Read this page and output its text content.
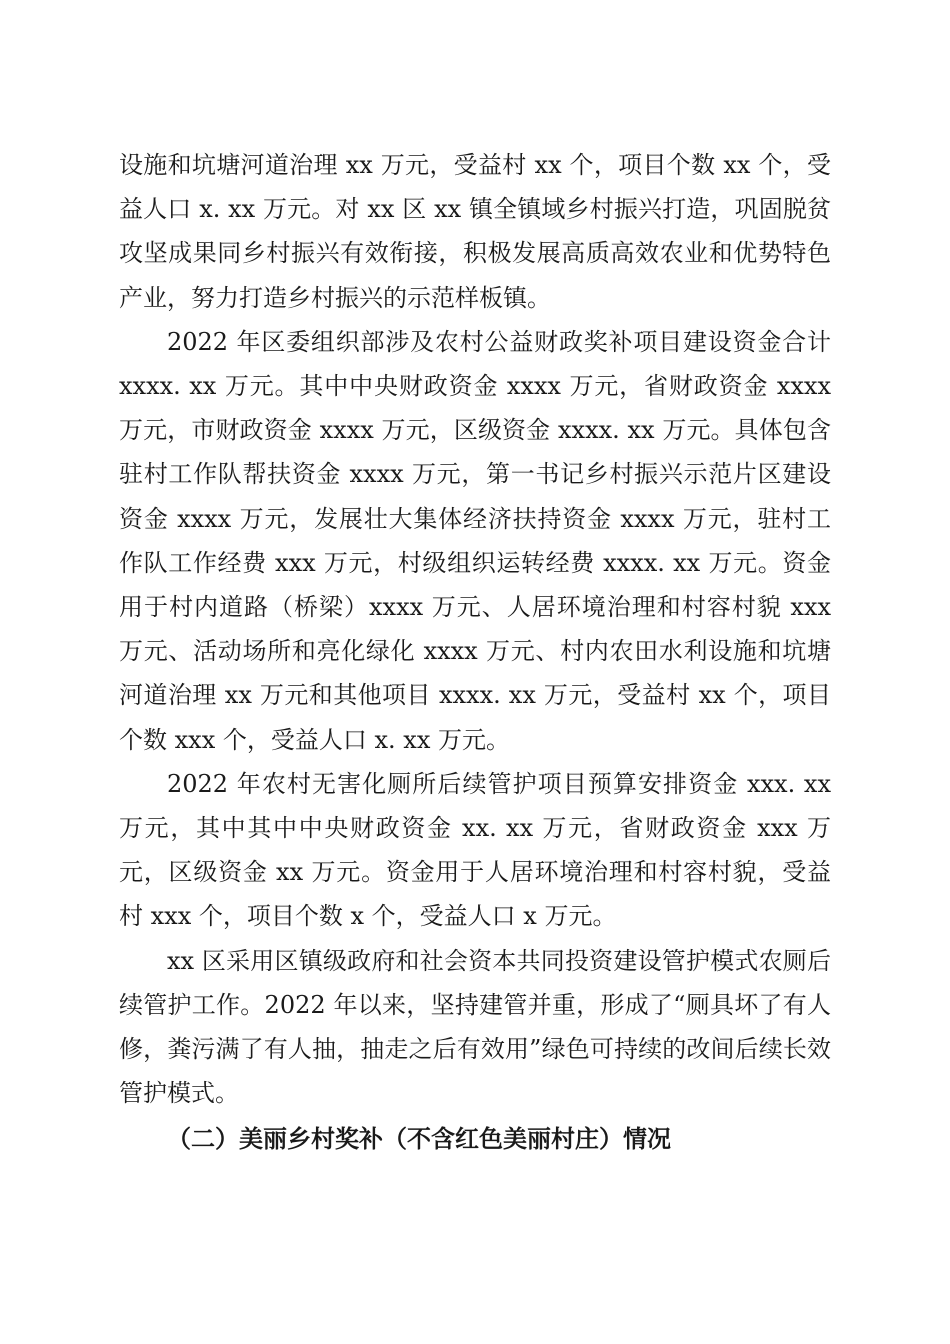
设施和坑塘河道治理 xx 万元，受益村 xx 个，项目个数 xx 个，受益人口 x. xx 万元。对 xx 区 xx 镇全镇域乡村振兴打造，巩固脱贫攻坚成果同乡村振兴有效衔接，积极发展高质高效农业和优势特色产业，努力打造乡村振兴的示范样板镇。

2022 年区委组织部涉及农村公益财政奖补项目建设资金合计 xxxx. xx 万元。其中中央财政资金 xxxx 万元，省财政资金 xxxx 万元，市财政资金 xxxx 万元，区级资金 xxxx. xx 万元。具体包含驻村工作队帮扶资金 xxxx 万元，第一书记乡村振兴示范片区建设资金 xxxx 万元，发展壮大集体经济扶持资金 xxxx 万元，驻村工作队工作经费 xxx 万元，村级组织运转经费 xxxx. xx 万元。资金用于村内道路（桥梁）xxxx 万元、人居环境治理和村容村貌 xxx 万元、活动场所和亮化绿化 xxxx 万元、村内农田水利设施和坑塘河道治理 xx 万元和其他项目 xxxx. xx 万元，受益村 xx 个，项目个数 xxx 个，受益人口 x. xx 万元。

2022 年农村无害化厕所后续管护项目预算安排资金 xxx. xx 万元，其中其中中央财政资金 xx. xx 万元，省财政资金 xxx 万元，区级资金 xx 万元。资金用于人居环境治理和村容村貌，受益村 xxx 个，项目个数 x 个，受益人口 x 万元。

xx 区采用区镇级政府和社会资本共同投资建设管护模式农厕后续管护工作。2022 年以来，坚持建管并重，形成了“厕具坏了有人修，粪污满了有人抽，抽走之后有效用”绿色可持续的改间后续长效管护模式。

（二）美丽乡村奖补（不含红色美丽村庄）情况
